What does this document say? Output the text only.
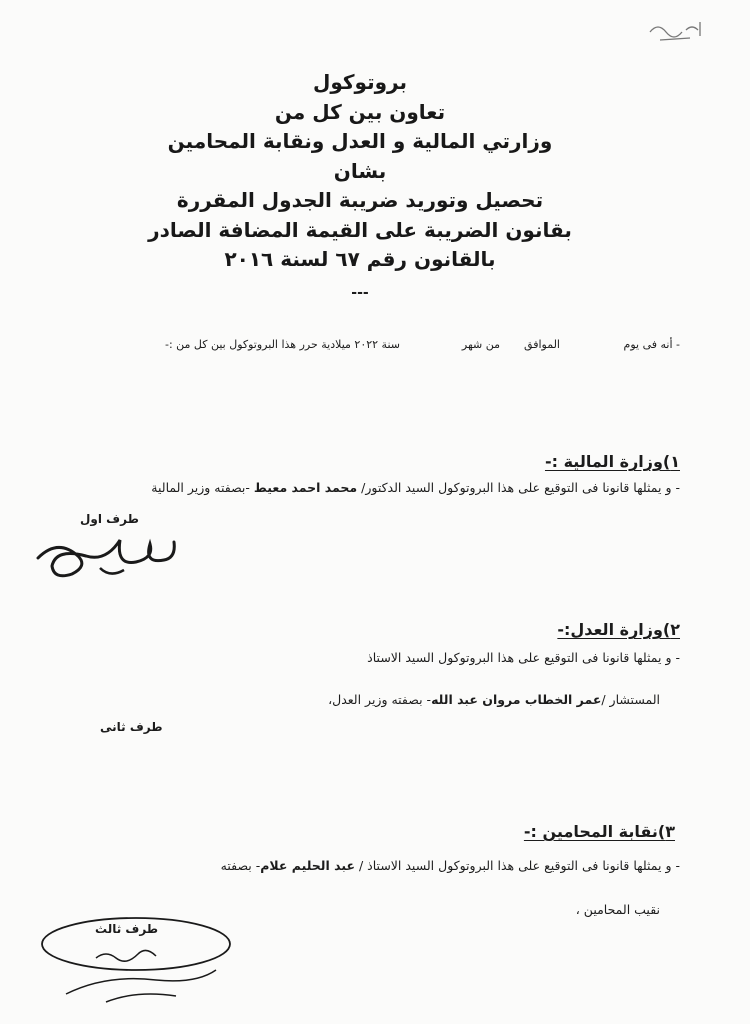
بروتوكول
تعاون بين كل من
وزارتي المالية و العدل ونقابة المحامين
بشان
تحصيل وتوريد ضريبة الجدول المقررة
بقانون الضريبة على القيمة المضافة الصادر
بالقانون رقم ٦٧ لسنة ٢٠١٦
---
- أنه فى يوم
الموافق
من شهر
سنة ٢٠٢٢ ميلادية حرر هذا البروتوكول بين كل من :-
١)وزارة المالية :-
- و يمثلها قانونا فى التوقيع على هذا البروتوكول السيد الدكتور/ محمد احمد معيط -بصفته وزير المالية
طرف اول
٢)وزارة العدل:-
- و يمثلها قانونا فى التوقيع على هذا البروتوكول السيد الاستاذ
المستشار /عمر الخطاب مروان عبد الله- بصفته وزير العدل،
طرف ثانى
٣)نقابة المحامين :-
- و يمثلها قانونا فى التوقيع على هذا البروتوكول السيد الاستاذ / عبد الحليم علام- بصفته
نقيب المحامين ،
طرف ثالث
